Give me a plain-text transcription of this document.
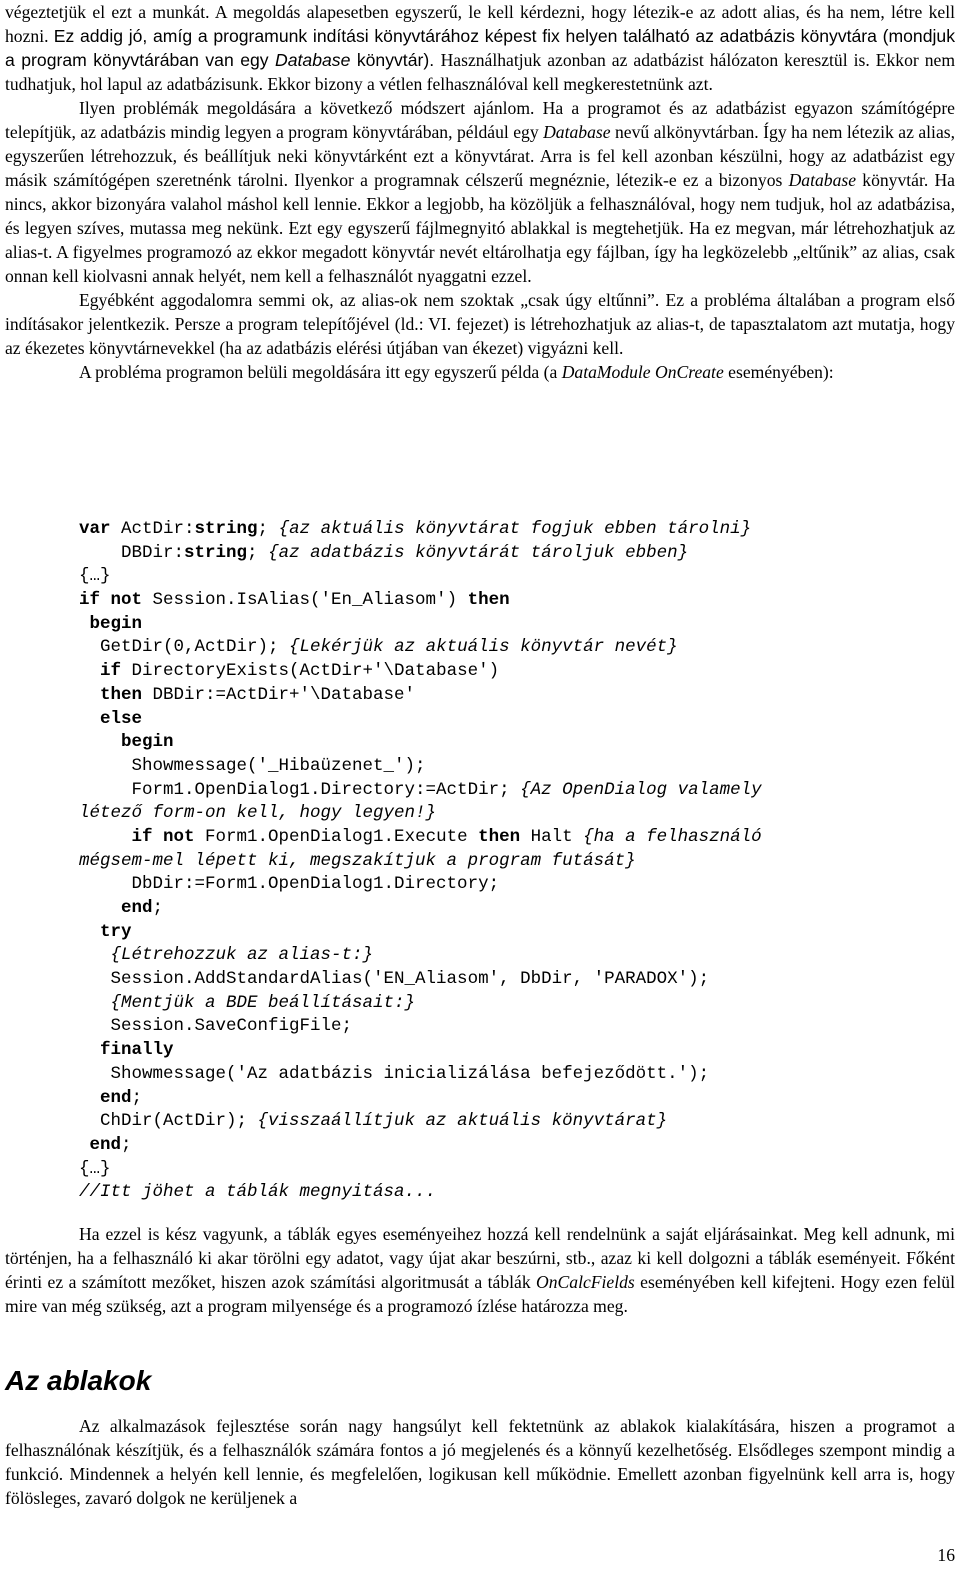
végeztetjük el ezt a munkát. A megoldás alapesetben egyszerű, le kell kérdezni, hogy létezik-e az adott alias, és ha nem, létre kell hozni. Ez addig jó, amíg a programunk indítási könyvtárához képest fix helyen található az adatbázis könyvtára (mondjuk a program könyvtárában van egy Database könyvtár). Használhatjuk azonban az adatbázist hálózaton keresztül is. Ekkor nem tudhatjuk, hol lapul az adatbázisunk. Ekkor bizony a vétlen felhasználóval kell megkerestetnünk azt.

Ilyen problémák megoldására a következő módszert ajánlom. Ha a programot és az adatbázist egyazon számítógépre telepítjük, az adatbázis mindig legyen a program könyvtárában, például egy Database nevű alkönyvtárban. Így ha nem létezik az alias, egyszerűen létrehozzuk, és beállítjuk neki könyvtárként ezt a könyvtárat. Arra is fel kell azonban készülni, hogy az adatbázist egy másik számítógépen szeretnénk tárolni. Ilyenkor a programnak célszerű megnéznie, létezik-e ez a bizonyos Database könyvtár. Ha nincs, akkor bizonyára valahol máshol kell lennie. Ekkor a legjobb, ha közöljük a felhasználóval, hogy nem tudjuk, hol az adatbázisa, és legyen szíves, mutassa meg nekünk. Ezt egy egyszerű fájlmegnyitó ablakkal is megtehetjük. Ha ez megvan, már létrehozhatjuk az alias-t. A figyelmes programozó az ekkor megadott könyvtár nevét eltárolhatja egy fájlban, így ha legközelebb „eltűnik” az alias, csak onnan kell kiolvasni annak helyét, nem kell a felhasználót nyaggatni ezzel.

Egyébként aggodalomra semmi ok, az alias-ok nem szoktak „csak úgy eltűnni”. Ez a probléma általában a program első indításakor jelentkezik. Persze a program telepítőjével (ld.: VI. fejezet) is létrehozhatjuk az alias-t, de tapasztalatom azt mutatja, hogy az ékezetes könyvtárnevekkel (ha az adatbázis elérési útjában van ékezet) vigyázni kell.

A probléma programon belüli megoldására itt egy egyszerű példa (a DataModule OnCreate eseményében):

var ActDir:string; {az aktuális könyvtárat fogjuk ebben tárolni}
DBDir:string; {az adatbázis könyvtárát tároljuk ebben}
{…}
if not Session.IsAlias('En_Aliasom') then
begin
GetDir(0,ActDir); {Lekérjük az aktuális könyvtár nevét}
if DirectoryExists(ActDir+'\Database')
then DBDir:=ActDir+'\Database'
else
begin
Showmessage('_Hibaüzenet_');
Form1.OpenDialog1.Directory:=ActDir; {Az OpenDialog valamely
létező form-on kell, hogy legyen!}
if not Form1.OpenDialog1.Execute then Halt {ha a felhasználó
mégsem-mel lépett ki, megszakítjuk a program futását}
DbDir:=Form1.OpenDialog1.Directory;
end;
try
{Létrehozzuk az alias-t:}
Session.AddStandardAlias('EN_Aliasom', DbDir, 'PARADOX');
{Mentjük a BDE beállításait:}
Session.SaveConfigFile;
finally
Showmessage('Az adatbázis inicializálása befejeződött.');
end;
ChDir(ActDir); {visszaállítjuk az aktuális könyvtárat}
end;
{…}
//Itt jöhet a táblák megnyitása...

Ha ezzel is kész vagyunk, a táblák egyes eseményeihez hozzá kell rendelnünk a saját eljárásainkat. Meg kell adnunk, mi történjen, ha a felhasználó ki akar törölni egy adatot, vagy újat akar beszúrni, stb., azaz ki kell dolgozni a táblák eseményeit. Főként érinti ez a számított mezőket, hiszen azok számítási algoritmusát a táblák OnCalcFields eseményében kell kifejteni. Hogy ezen felül mire van még szükség, azt a program milyensége és a programozó ízlése határozza meg.

Az ablakok

Az alkalmazások fejlesztése során nagy hangsúlyt kell fektetnünk az ablakok kialakítására, hiszen a programot a felhasználónak készítjük, és a felhasználók számára fontos a jó megjelenés és a könnyű kezelhetőség. Elsődleges szempont mindig a funkció. Mindennek a helyén kell lennie, és megfelelően, logikusan kell működnie. Emellett azonban figyelnünk kell arra is, hogy fölösleges, zavaró dolgok ne kerüljenek a

16
